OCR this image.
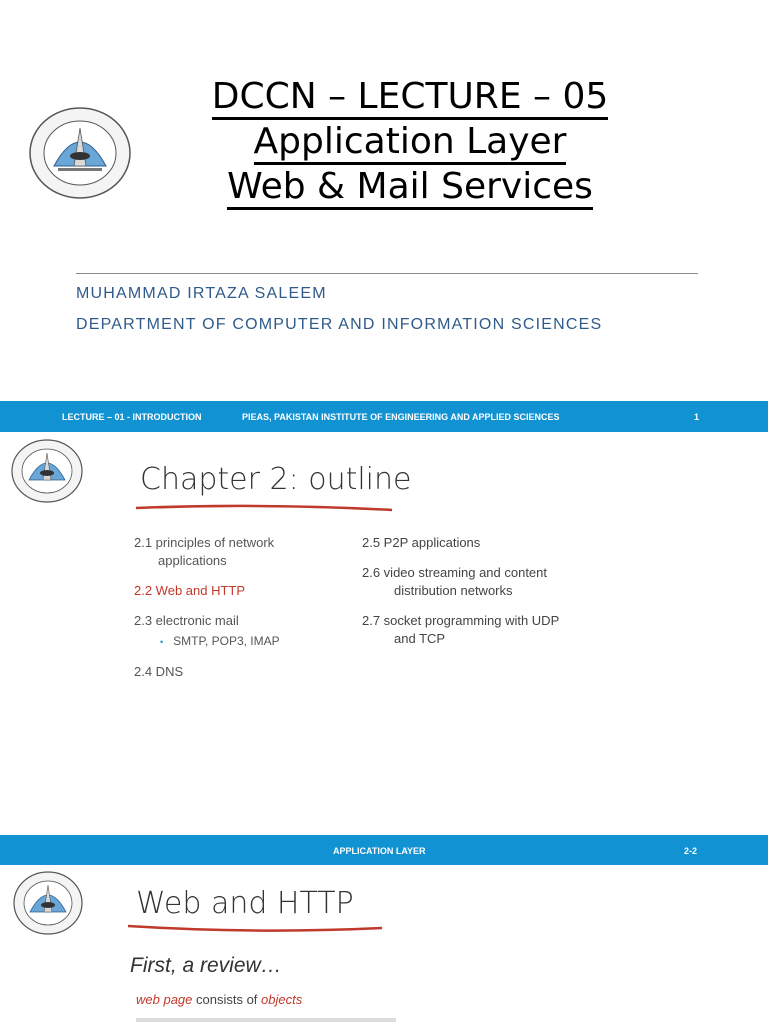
DCCN – LECTURE – 05
Application Layer
Web & Mail Services
MUHAMMAD IRTAZA SALEEM
DEPARTMENT OF COMPUTER AND INFORMATION SCIENCES
LECTURE – 01 - INTRODUCTION	PIEAS, PAKISTAN INSTITUTE OF ENGINEERING AND APPLIED SCIENCES	1
Chapter 2: outline
2.1 principles of network
applications
2.2 Web and HTTP
2.3 electronic mail
• SMTP, POP3, IMAP
2.4 DNS
2.5 P2P applications
2.6 video streaming and content
distribution networks
2.7 socket programming with UDP
and TCP
APPLICATION LAYER	2-2
Web and HTTP
First, a review…
web page consists of objects
